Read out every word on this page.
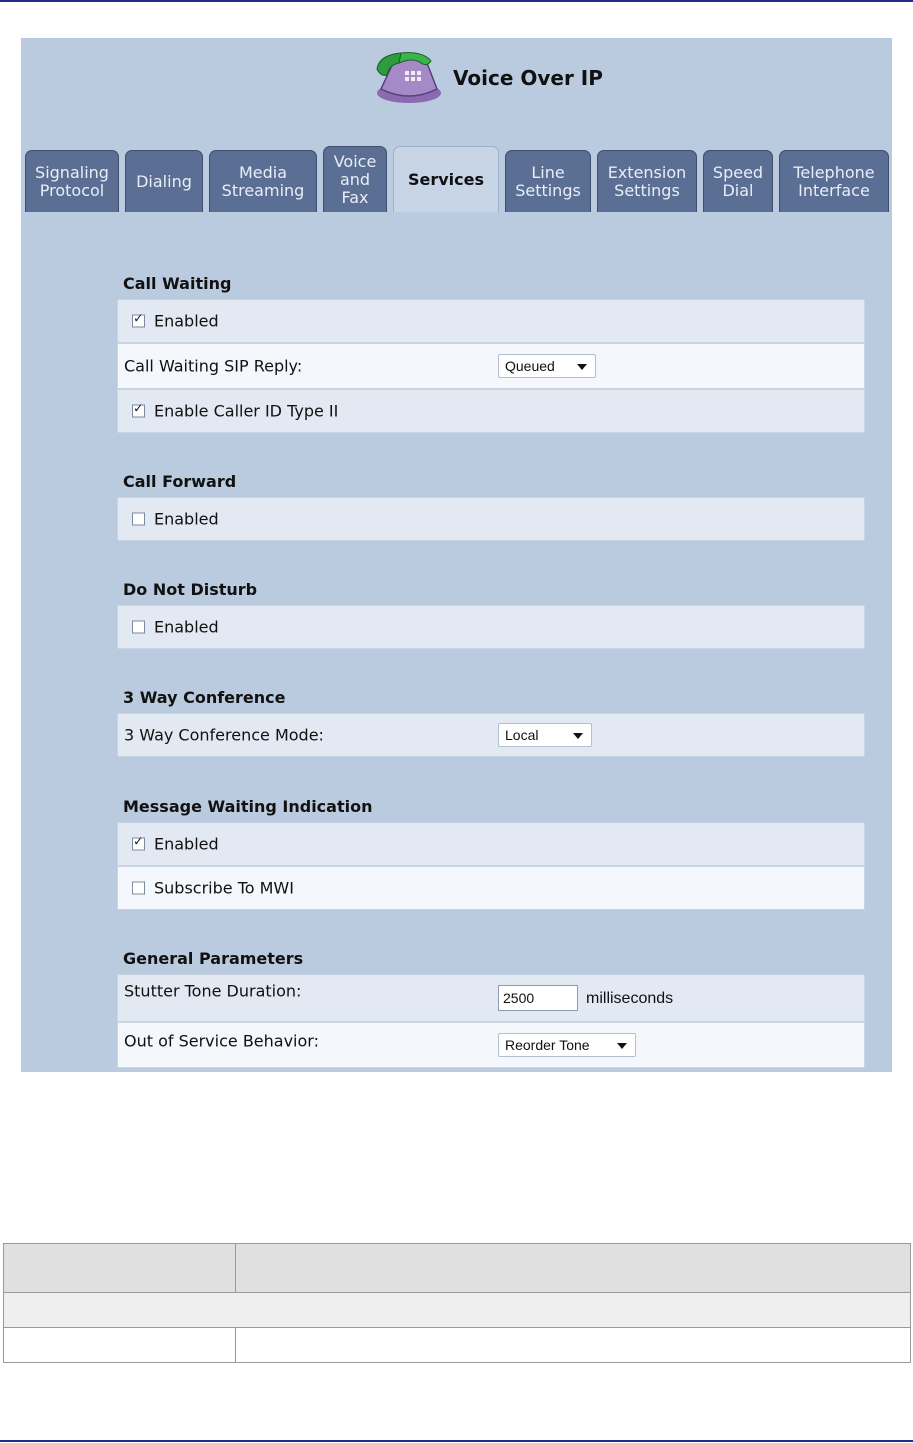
Voice Over IP
Signaling
Protocol Dialing	Media
Streaming
Voice
and
Fax
Services	Line
Settings
Extension
Settings
Speed
Dial
Telephone
Interface
Call Waiting
✓
Enabled
Call Waiting SIP Reply:	Queued
✓
Enable Caller ID Type II
Call Forward
Enabled
Do Not Disturb
Enabled
3 Way Conference
3 Way Conference Mode:	Local
Message Waiting Indication
✓
Enabled
Subscribe To MWI
General Parameters
Stutter Tone Duration:	2500	milliseconds
Out of Service Behavior:	Reorder Tone
